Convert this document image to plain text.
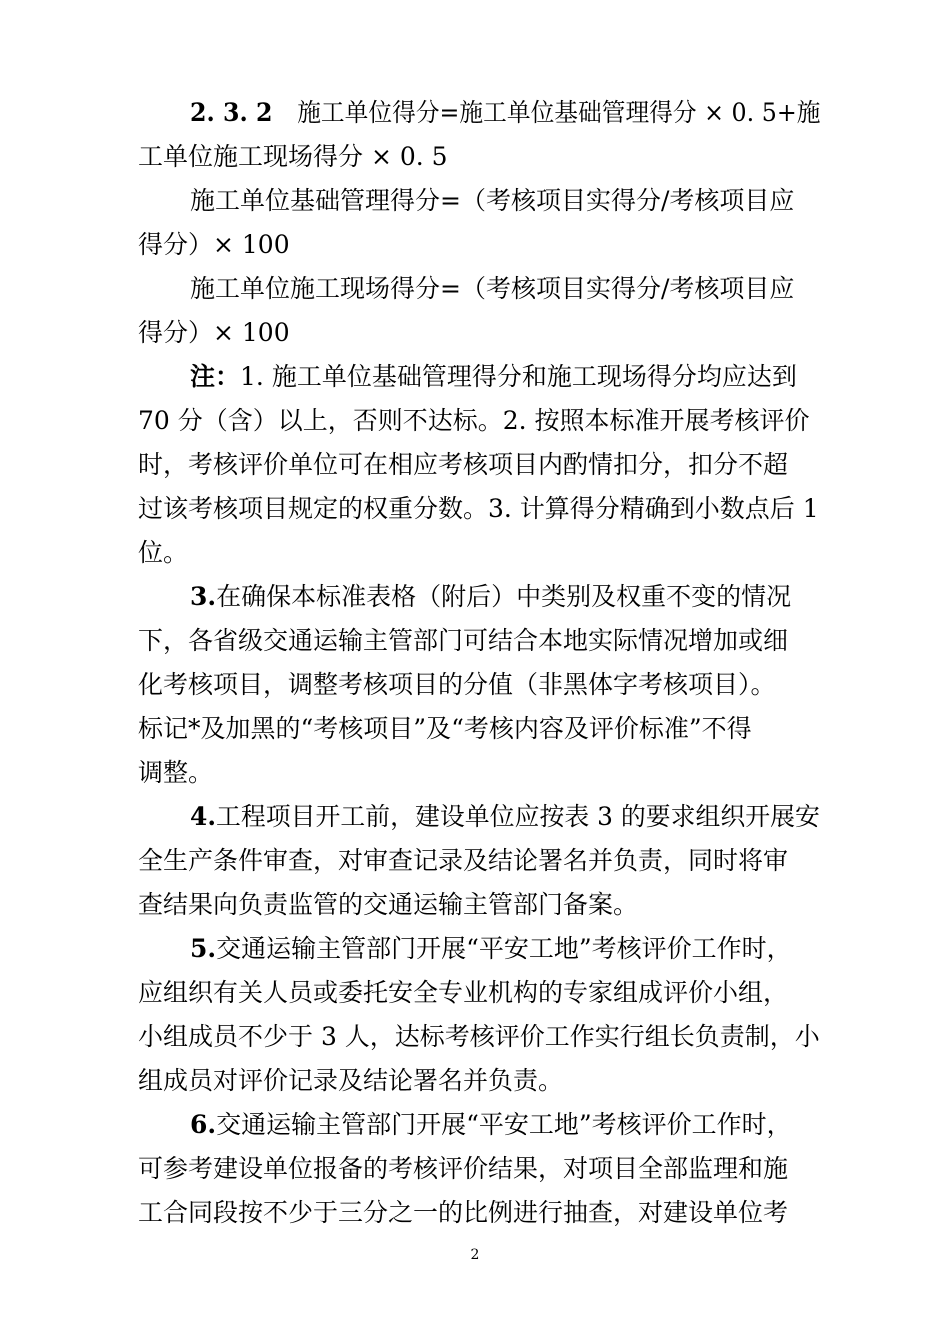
2. 3. 2 施工单位得分=施工单位基础管理得分 × 0. 5+施
工单位施工现场得分 × 0. 5
施工单位基础管理得分=（考核项目实得分/考核项目应
得分）× 100
施工单位施工现场得分=（考核项目实得分/考核项目应
得分）× 100
注：1. 施工单位基础管理得分和施工现场得分均应达到
70 分（含）以上，否则不达标。2. 按照本标准开展考核评价
时，考核评价单位可在相应考核项目内酌情扣分，扣分不超
过该考核项目规定的权重分数。3. 计算得分精确到小数点后 1
位。
3.在确保本标准表格（附后）中类别及权重不变的情况
下，各省级交通运输主管部门可结合本地实际情况增加或细
化考核项目，调整考核项目的分值（非黑体字考核项目）。
标记*及加黑的“考核项目”及“考核内容及评价标准”不得
调整。
4.工程项目开工前，建设单位应按表 3 的要求组织开展安
全生产条件审查，对审查记录及结论署名并负责，同时将审
查结果向负责监管的交通运输主管部门备案。
5.交通运输主管部门开展“平安工地”考核评价工作时，
应组织有关人员或委托安全专业机构的专家组成评价小组，
小组成员不少于 3 人，达标考核评价工作实行组长负责制，小
组成员对评价记录及结论署名并负责。
6.交通运输主管部门开展“平安工地”考核评价工作时，
可参考建设单位报备的考核评价结果，对项目全部监理和施
工合同段按不少于三分之一的比例进行抽查，对建设单位考
2
